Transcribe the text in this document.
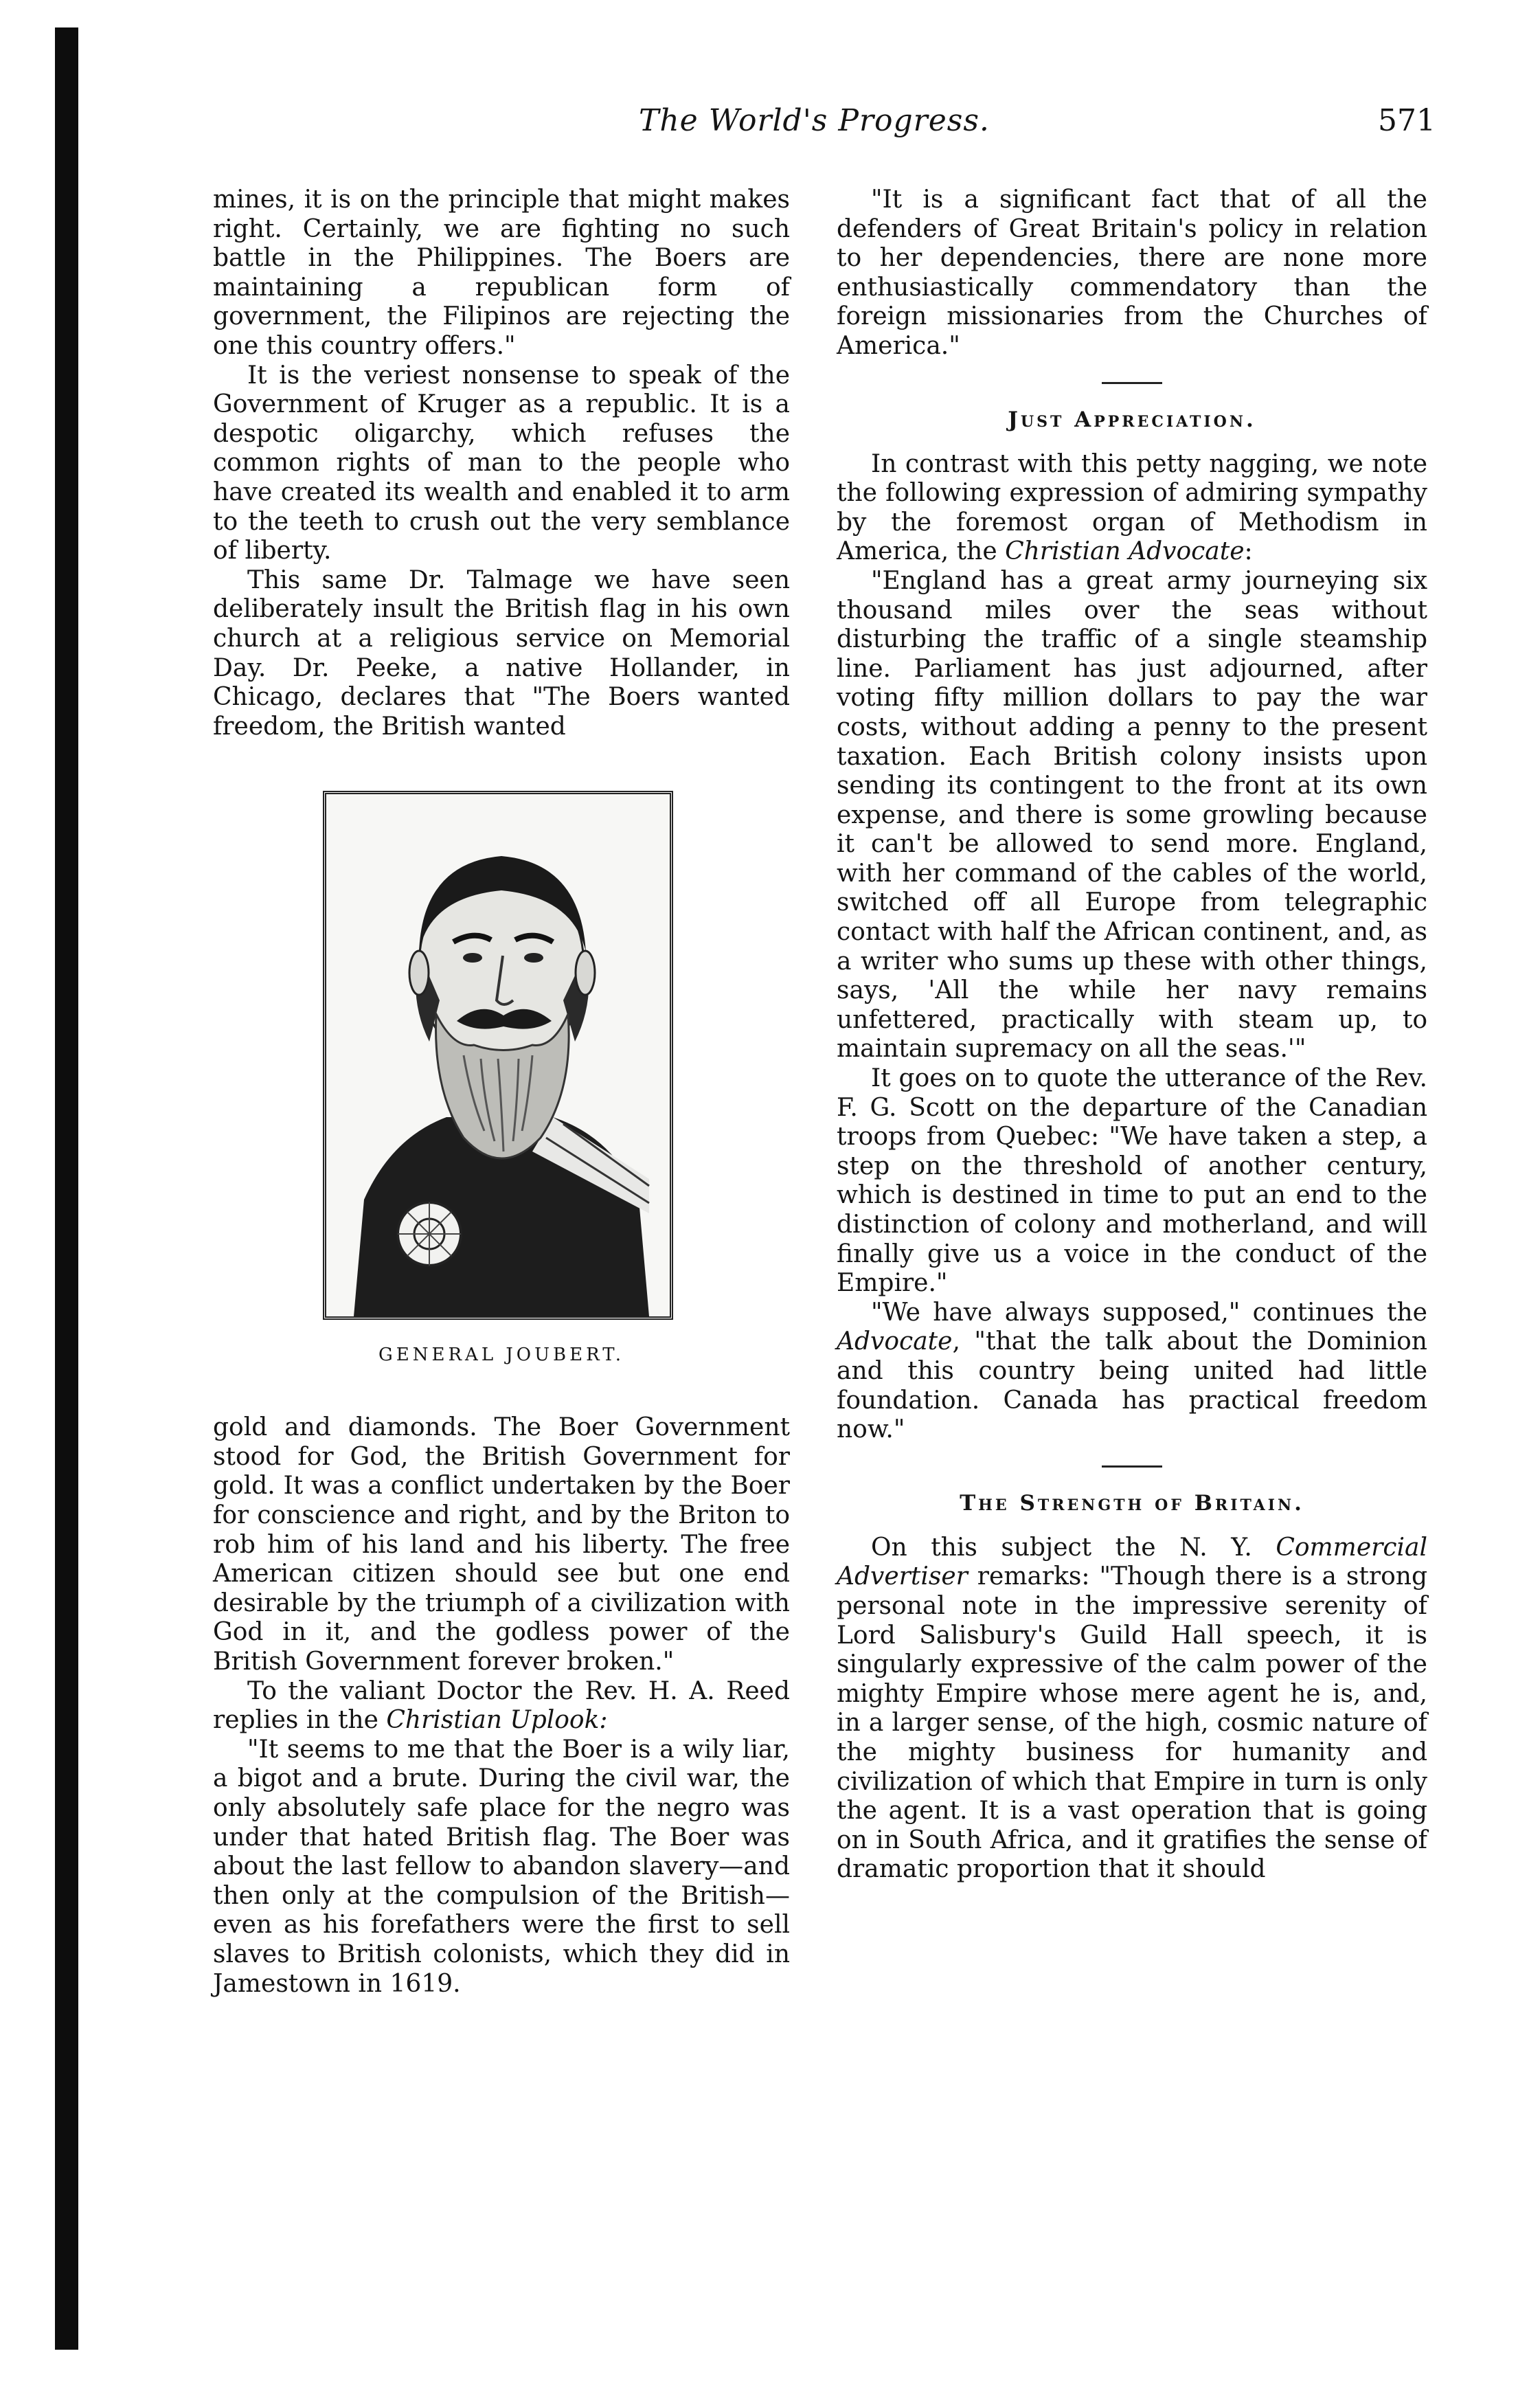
The World's Progress.	571

mines, it is on the principle that might makes right. Certainly, we are fighting no such battle in the Philippines. The Boers are maintaining a republican form of government, the Filipinos are rejecting the one this country offers."

It is the veriest nonsense to speak of the Government of Kruger as a republic. It is a despotic oligarchy, which refuses the common rights of man to the people who have created its wealth and enabled it to arm to the teeth to crush out the very semblance of liberty.

This same Dr. Talmage we have seen deliberately insult the British flag in his own church at a religious service on Memorial Day. Dr. Peeke, a native Hollander, in Chicago, declares that "The Boers wanted freedom, the British wanted

GENERAL JOUBERT.

gold and diamonds. The Boer Government stood for God, the British Government for gold. It was a conflict undertaken by the Boer for conscience and right, and by the Briton to rob him of his land and his liberty. The free American citizen should see but one end desirable by the triumph of a civilization with God in it, and the godless power of the British Government forever broken."

To the valiant Doctor the Rev. H. A. Reed replies in the Christian Uplook:

"It seems to me that the Boer is a wily liar, a bigot and a brute. During the civil war, the only absolutely safe place for the negro was under that hated British flag. The Boer was about the last fellow to abandon slavery—and then only at the compulsion of the British—even as his forefathers were the first to sell slaves to British colonists, which they did in Jamestown in 1619.

"It is a significant fact that of all the defenders of Great Britain's policy in relation to her dependencies, there are none more enthusiastically commendatory than the foreign missionaries from the Churches of America."

Just Appreciation.

In contrast with this petty nagging, we note the following expression of admiring sympathy by the foremost organ of Methodism in America, the Christian Advocate:

"England has a great army journeying six thousand miles over the seas without disturbing the traffic of a single steamship line. Parliament has just adjourned, after voting fifty million dollars to pay the war costs, without adding a penny to the present taxation. Each British colony insists upon sending its contingent to the front at its own expense, and there is some growling because it can't be allowed to send more. England, with her command of the cables of the world, switched off all Europe from telegraphic contact with half the African continent, and, as a writer who sums up these with other things, says, 'All the while her navy remains unfettered, practically with steam up, to maintain supremacy on all the seas.'"

It goes on to quote the utterance of the Rev. F. G. Scott on the departure of the Canadian troops from Quebec: "We have taken a step, a step on the threshold of another century, which is destined in time to put an end to the distinction of colony and motherland, and will finally give us a voice in the conduct of the Empire."

"We have always supposed," continues the Advocate, "that the talk about the Dominion and this country being united had little foundation. Canada has practical freedom now."

The Strength of Britain.

On this subject the N. Y. Commercial Advertiser remarks: "Though there is a strong personal note in the impressive serenity of Lord Salisbury's Guild Hall speech, it is singularly expressive of the calm power of the mighty Empire whose mere agent he is, and, in a larger sense, of the high, cosmic nature of the mighty business for humanity and civilization of which that Empire in turn is only the agent. It is a vast operation that is going on in South Africa, and it gratifies the sense of dramatic proportion that it should
